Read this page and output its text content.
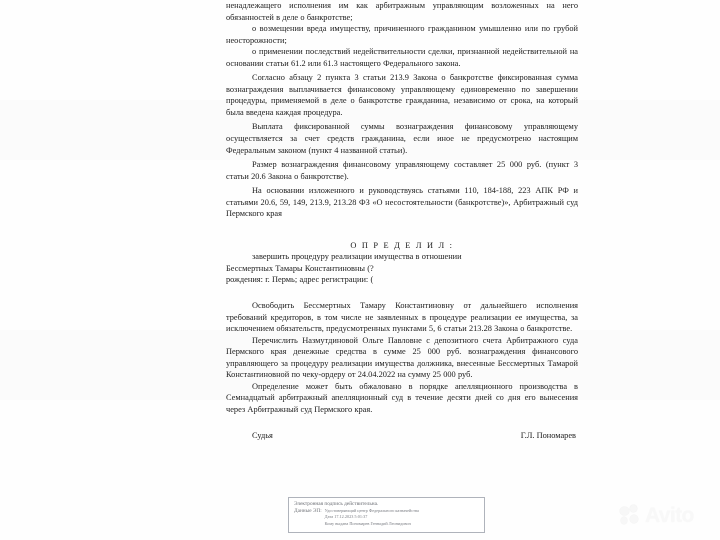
ненадлежащего исполнения им как арбитражным управляющим возложенных на него обязанностей в деле о банкротстве;

о возмещении вреда имуществу, причиненного гражданином умышленно или по грубой неосторожности;

о применении последствий недействительности сделки, признанной недействительной на основании статьи 61.2 или 61.3 настоящего Федерального закона.

Согласно абзацу 2 пункта 3 статьи 213.9 Закона о банкротстве фиксированная сумма вознаграждения выплачивается финансовому управляющему единовременно по завершении процедуры, применяемой в деле о банкротстве гражданина, независимо от срока, на который была введена каждая процедура.

Выплата фиксированной суммы вознаграждения финансовому управляющему осуществляется за счет средств гражданина, если иное не предусмотрено настоящим Федеральным законом (пункт 4 названной статьи).

Размер вознаграждения финансовому управляющему составляет 25 000 руб. (пункт 3 статьи 20.6 Закона о банкротстве).

На основании изложенного и руководствуясь статьями 110, 184-188, 223 АПК РФ и статьями 20.6, 59, 149, 213.9, 213.28 ФЗ «О несостоятельности (банкротстве)», Арбитражный суд Пермского края

О П Р Е Д Е Л И Л :

завершить процедуру реализации имущества в отношении

Бессмертных Тамары Константиновны (?

рождения: г. Пермь; адрес регистрации: (

Освободить Бессмертных Тамару Константиновну от дальнейшего исполнения требований кредиторов, в том числе не заявленных в процедуре реализации ее имущества, за исключением обязательств, предусмотренных пунктами 5, 6 статьи 213.28 Закона о банкротстве.

Перечислить Назмутдиновой Ольге Павловне с депозитного счета Арбитражного суда Пермского края денежные средства в сумме 25 000 руб. вознаграждения финансового управляющего за процедуру реализации имущества должника, внесенные Бессмертных Тамарой Константиновной по чеку-ордеру от 24.04.2022 на сумму 25 000 руб.

Определение может быть обжаловано в порядке апелляционного производства в Семнадцатый арбитражный апелляционный суд в течение десяти дней со дня его вынесения через Арбитражный суд Пермского края.

Судья	Г.Л. Пономарев
Электронная подпись действительна.
Данные ЭП: Удостоверяющий центр Федерального казначейства
Дата 17.12.2023 5:01:37
Кому выдана Пономарев Геннадий Леонидович	Avito
